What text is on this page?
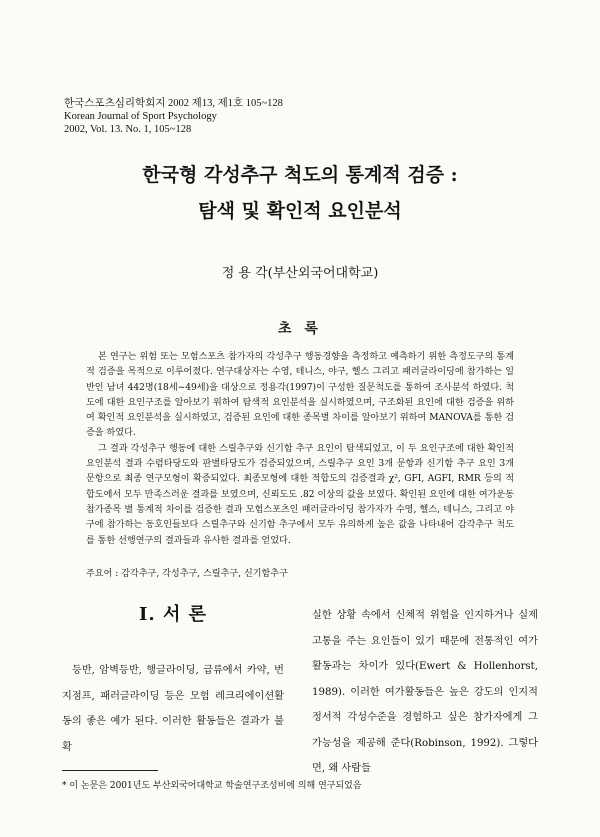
한국스포츠심리학회지 2002 제13, 제1호 105~128
Korean Journal of Sport Psychology
2002, Vol. 13. No. 1, 105~128
한국형 각성추구 척도의 통계적 검증 :
탐색 및 확인적 요인분석
정 용 각(부산외국어대학교)
초 록

본 연구는 위험 또는 모험스포츠 참가자의 각성추구 행동경향을 측정하고 예측하기 위한 측정도구의 통계적 검증을 목적으로 이루어졌다. 연구대상자는 수영, 테니스, 야구, 헬스 그리고 패러글라이딩에 참가하는 일반인 남녀 442명(18세~49세)을 대상으로 정용각(1997)이 구성한 질문척도를 통하여 조사분석 하였다. 척도에 대한 요인구조를 알아보기 위하여 탐색적 요인분석을 실시하였으며, 구조화된 요인에 대한 검증을 위하여 확인적 요인분석을 실시하였고, 검증된 요인에 대한 종목별 차이를 알아보기 위하여 MANOVA를 통한 검증을 하였다.

그 결과 각성추구 행동에 대한 스릴추구와 신기함 추구 요인이 탐색되었고, 이 두 요인구조에 대한 확인적 요인분석 결과 수렴타당도와 판별타당도가 검증되었으며, 스릴추구 요인 3개 문항과 신기함 추구 요인 3개 문항으로 최종 연구모형이 확증되었다. 최종모형에 대한 적합도의 검증결과 χ², GFI, AGFI, RMR 등의 적합도에서 모두 만족스러운 결과를 보였으며, 신뢰도도 .82 이상의 값을 보였다. 확인된 요인에 대한 여가운동 참가종목 별 통계적 차이를 검증한 결과 모험스포츠인 패러글라이딩 참가자가 수영, 헬스, 테니스, 그리고 야구에 참가하는 동호인들보다 스릴추구와 신기함 추구에서 모두 유의하게 높은 값을 나타내어 감각추구 척도를 통한 선행연구의 결과들과 유사한 결과를 얻었다.

주요어 : 감각추구, 각성추구, 스릴추구, 신기함추구
I. 서 론

등반, 암벽등반, 행글라이딩, 급류에서 카약, 번지점프, 패러글라이딩 등은 모험 레크리에이션활동의 좋은 예가 된다. 이러한 활동들은 결과가 불확

실한 상황 속에서 신체적 위험을 인지하거나 실제 고통을 주는 요인들이 있기 때문에 전통적인 여가활동과는 차이가 있다(Ewert & Hollenhorst, 1989). 이러한 여가활동들은 높은 강도의 인지적 정서적 각성수준을 경험하고 싶은 참가자에게 그 가능성을 제공해 준다(Robinson, 1992). 그렇다면, 왜 사람들

* 이 논문은 2001년도 부산외국어대학교 학술연구조성비에 의해 연구되었음
